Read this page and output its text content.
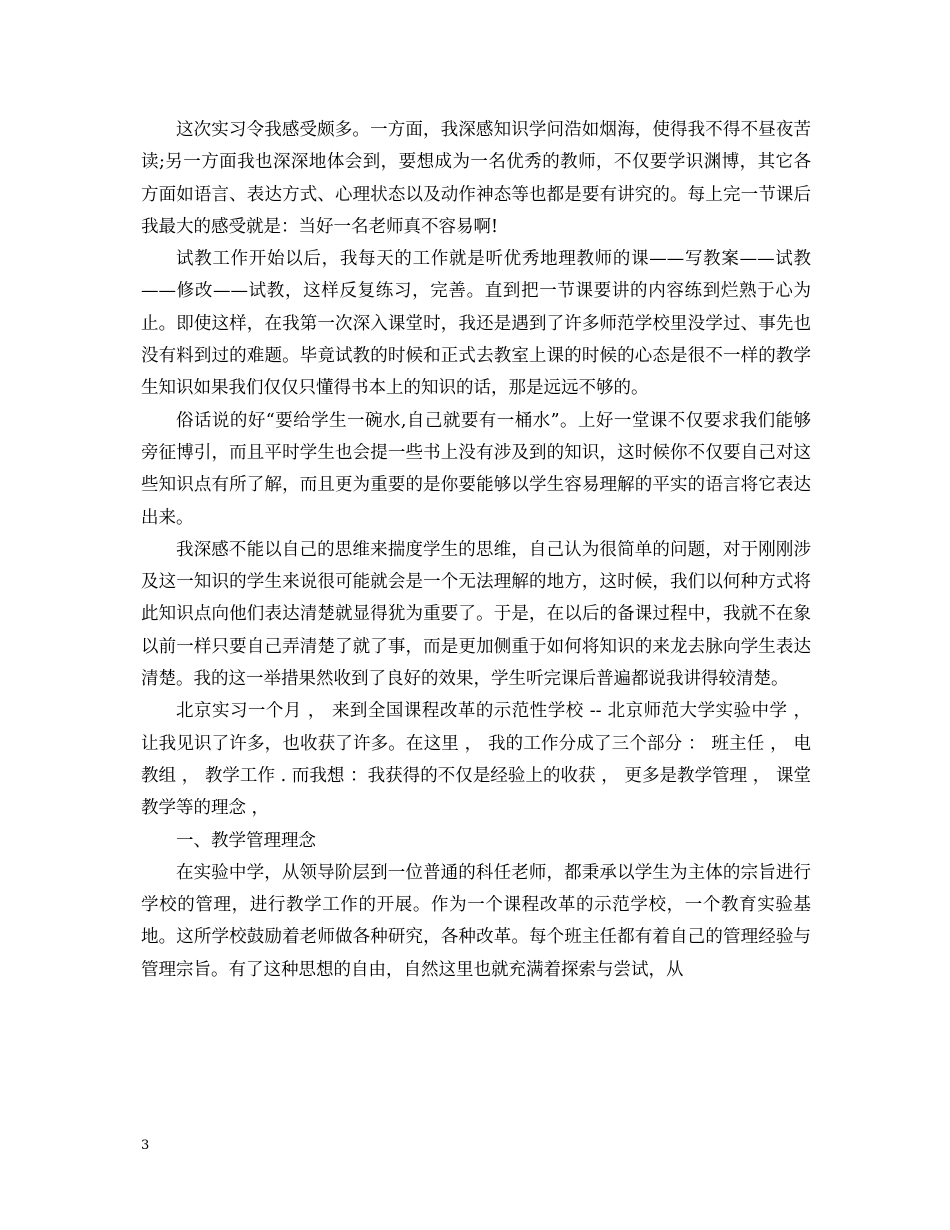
这次实习令我感受颇多。一方面，我深感知识学问浩如烟海，使得我不得不昼夜苦读;另一方面我也深深地体会到，要想成为一名优秀的教师，不仅要学识渊博，其它各方面如语言、表达方式、心理状态以及动作神态等也都是要有讲究的。每上完一节课后我最大的感受就是：当好一名老师真不容易啊!

试教工作开始以后，我每天的工作就是听优秀地理教师的课——写教案——试教——修改——试教，这样反复练习，完善。直到把一节课要讲的内容练到烂熟于心为止。即使这样，在我第一次深入课堂时，我还是遇到了许多师范学校里没学过、事先也没有料到过的难题。毕竟试教的时候和正式去教室上课的时候的心态是很不一样的教学生知识如果我们仅仅只懂得书本上的知识的话，那是远远不够的。

俗话说的好“要给学生一碗水,自己就要有一桶水”。上好一堂课不仅要求我们能够旁征博引，而且平时学生也会提一些书上没有涉及到的知识，这时候你不仅要自己对这些知识点有所了解，而且更为重要的是你要能够以学生容易理解的平实的语言将它表达出来。

我深感不能以自己的思维来揣度学生的思维，自己认为很简单的问题，对于刚刚涉及这一知识的学生来说很可能就会是一个无法理解的地方，这时候，我们以何种方式将此知识点向他们表达清楚就显得犹为重要了。于是，在以后的备课过程中，我就不在象以前一样只要自己弄清楚了就了事，而是更加侧重于如何将知识的来龙去脉向学生表达清楚。我的这一举措果然收到了良好的效果，学生听完课后普遍都说我讲得较清楚。

北京实习一个月 ， 来到全国课程改革的示范性学校 -- 北京师范大学实验中学 ， 让我见识了许多，也收获了许多。在这里 ， 我的工作分成了三个部分 ： 班主任 ， 电教组 ， 教学工作 . 而我想 ：我获得的不仅是经验上的收获 ， 更多是教学管理 ， 课堂教学等的理念 ，

一、教学管理理念

在实验中学，从领导阶层到一位普通的科任老师，都秉承以学生为主体的宗旨进行学校的管理，进行教学工作的开展。作为一个课程改革的示范学校，一个教育实验基地。这所学校鼓励着老师做各种研究，各种改革。每个班主任都有着自己的管理经验与管理宗旨。有了这种思想的自由，自然这里也就充满着探索与尝试，从

3
